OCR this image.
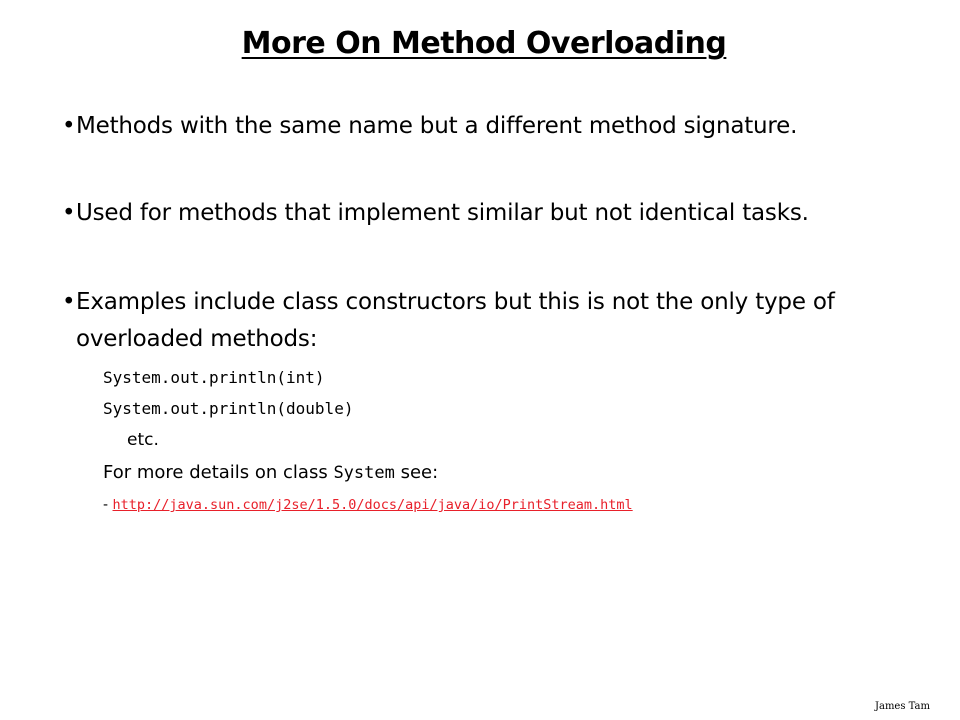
More On Method Overloading
•Methods with the same name but a different method signature.
•Used for methods that implement similar but not identical tasks.
•Examples include class constructors but this is not the only type of overloaded methods:
System.out.println(int)
System.out.println(double)
etc.
For more details on class System see:
- http://java.sun.com/j2se/1.5.0/docs/api/java/io/PrintStream.html
James Tam
